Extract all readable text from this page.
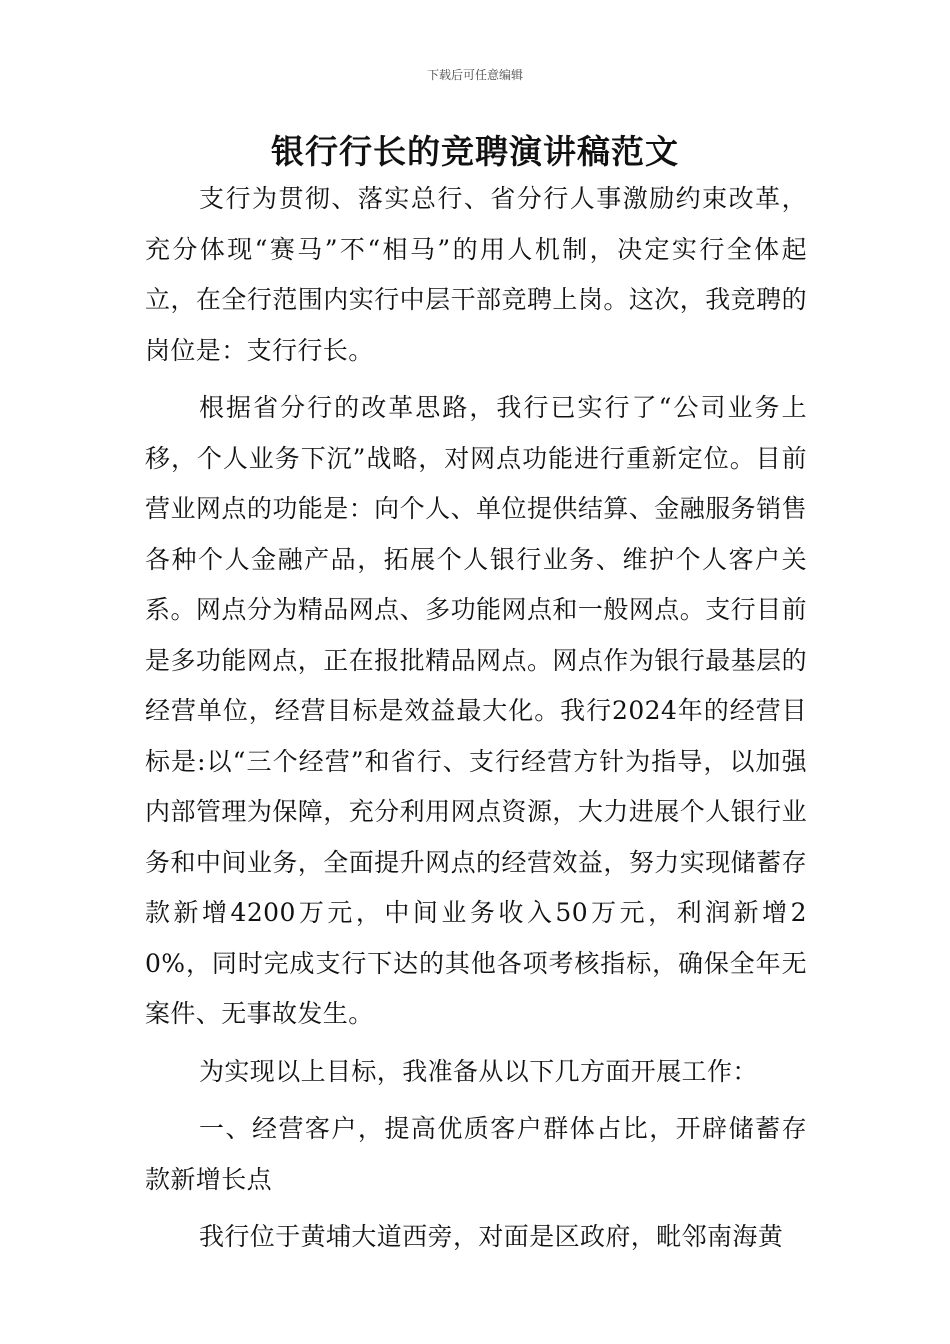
下载后可任意编辑
银行行长的竞聘演讲稿范文

支行为贯彻、落实总行、省分行人事激励约束改革，充分体现“赛马”不“相马”的用人机制，决定实行全体起立，在全行范围内实行中层干部竞聘上岗。这次，我竞聘的岗位是：支行行长。

根据省分行的改革思路，我行已实行了“公司业务上移，个人业务下沉”战略，对网点功能进行重新定位。目前营业网点的功能是：向个人、单位提供结算、金融服务销售各种个人金融产品，拓展个人银行业务、维护个人客户关系。网点分为精品网点、多功能网点和一般网点。支行目前是多功能网点，正在报批精品网点。网点作为银行最基层的经营单位，经营目标是效益最大化。我行2024年的经营目标是:以“三个经营”和省行、支行经营方针为指导，以加强内部管理为保障，充分利用网点资源，大力进展个人银行业务和中间业务，全面提升网点的经营效益，努力实现储蓄存款新增4200万元，中间业务收入50万元，利润新增20%，同时完成支行下达的其他各项考核指标，确保全年无案件、无事故发生。

为实现以上目标，我准备从以下几方面开展工作：

一、经营客户，提高优质客户群体占比，开辟储蓄存款新增长点

我行位于黄埔大道西旁，对面是区政府，毗邻南海黄
